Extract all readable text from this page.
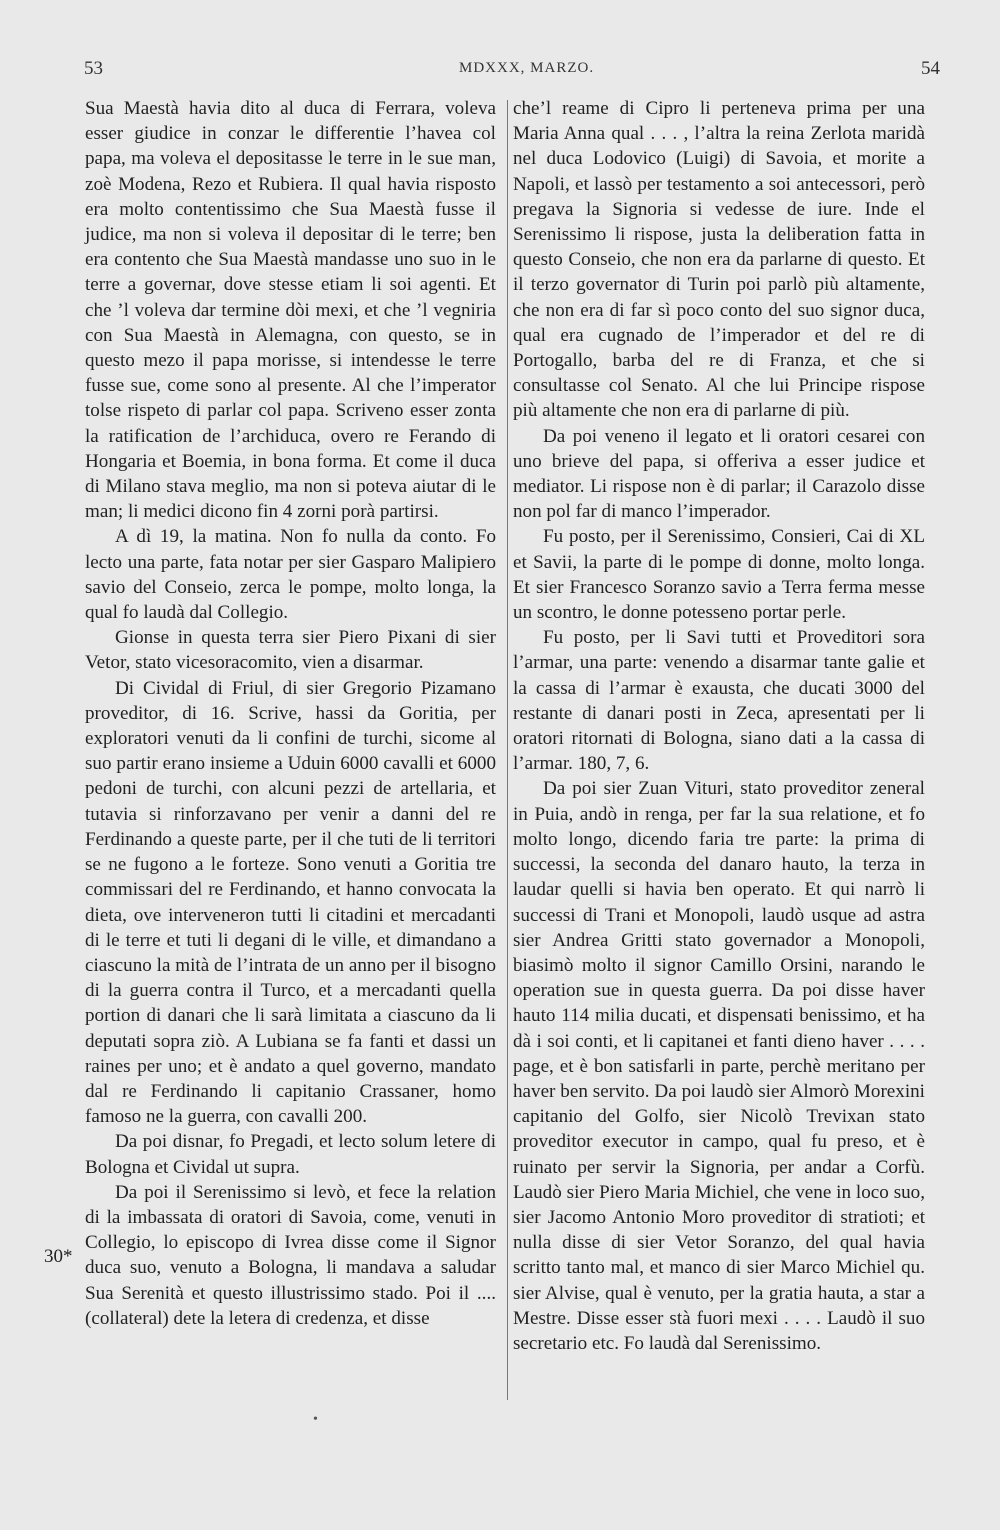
53	MDXXX, MARZO.	54
30*

Sua Maestà havia dito al duca di Ferrara, voleva esser giudice in conzar le differentie l’havea col papa, ma voleva el depositasse le terre in le sue man, zoè Modena, Rezo et Rubiera. Il qual havia risposto era molto contentissimo che Sua Maestà fusse il judice, ma non si voleva il depositar di le terre; ben era contento che Sua Maestà mandasse uno suo in le terre a governar, dove stesse etiam li soi agenti. Et che ’l voleva dar termine dòi mexi, et che ’l vegniria con Sua Maestà in Alemagna, con questo, se in questo mezo il papa morisse, si intendesse le terre fusse sue, come sono al presente. Al che l’imperator tolse rispeto di parlar col papa. Scriveno esser zonta la ratification de l’archiduca, overo re Ferando di Hongaria et Boemia, in bona forma. Et come il duca di Milano stava meglio, ma non si poteva aiutar di le man; li medici dicono fin 4 zorni porà partirsi.

A dì 19, la matina. Non fo nulla da conto. Fo lecto una parte, fata notar per sier Gasparo Malipiero savio del Conseio, zerca le pompe, molto longa, la qual fo laudà dal Collegio.

Gionse in questa terra sier Piero Pixani di sier Vetor, stato vicesoracomito, vien a disarmar.

Di Cividal di Friul, di sier Gregorio Pizamano proveditor, di 16. Scrive, hassi da Goritia, per exploratori venuti da li confini de turchi, sicome al suo partir erano insieme a Uduin 6000 cavalli et 6000 pedoni de turchi, con alcuni pezzi de artellaria, et tutavia si rinforzavano per venir a danni del re Ferdinando a queste parte, per il che tuti de li territori se ne fugono a le forteze. Sono venuti a Goritia tre commissari del re Ferdinando, et hanno convocata la dieta, ove interveneron tutti li citadini et mercadanti di le terre et tuti li degani di le ville, et dimandano a ciascuno la mità de l’intrata de un anno per il bisogno di la guerra contra il Turco, et a mercadanti quella portion di danari che li sarà limitata a ciascuno da li deputati sopra ziò. A Lubiana se fa fanti et dassi un raines per uno; et è andato a quel governo, mandato dal re Ferdinando li capitanio Crassaner, homo famoso ne la guerra, con cavalli 200.

Da poi disnar, fo Pregadi, et lecto solum letere di Bologna et Cividal ut supra.

Da poi il Serenissimo si levò, et fece la relation di la imbassata di oratori di Savoia, come, venuti in Collegio, lo episcopo di Ivrea disse come il Signor duca suo, venuto a Bologna, li mandava a saludar Sua Serenità et questo illustrissimo stado. Poi il .... (collateral) dete la letera di credenza, et disse

che’l reame di Cipro li perteneva prima per una Maria Anna qual . . . , l’altra la reina Zerlota maridà nel duca Lodovico (Luigi) di Savoia, et morite a Napoli, et lassò per testamento a soi antecessori, però pregava la Signoria si vedesse de iure. Inde el Serenissimo li rispose, justa la deliberation fatta in questo Conseio, che non era da parlarne di questo. Et il terzo governator di Turin poi parlò più altamente, che non era di far sì poco conto del suo signor duca, qual era cugnado de l’imperador et del re di Portogallo, barba del re di Franza, et che si consultasse col Senato. Al che lui Principe rispose più altamente che non era di parlarne di più.

Da poi veneno il legato et li oratori cesarei con uno brieve del papa, si offeriva a esser judice et mediator. Li rispose non è di parlar; il Carazolo disse non pol far di manco l’imperador.

Fu posto, per il Serenissimo, Consieri, Cai di XL et Savii, la parte di le pompe di donne, molto longa. Et sier Francesco Soranzo savio a Terra ferma messe un scontro, le donne potesseno portar perle.

Fu posto, per li Savi tutti et Proveditori sora l’armar, una parte: venendo a disarmar tante galie et la cassa di l’armar è exausta, che ducati 3000 del restante di danari posti in Zeca, apresentati per li oratori ritornati di Bologna, siano dati a la cassa di l’armar. 180, 7, 6.

Da poi sier Zuan Vituri, stato proveditor zeneral in Puia, andò in renga, per far la sua relatione, et fo molto longo, dicendo faria tre parte: la prima di successi, la seconda del danaro hauto, la terza in laudar quelli si havia ben operato. Et qui narrò li successi di Trani et Monopoli, laudò usque ad astra sier Andrea Gritti stato governador a Monopoli, biasimò molto il signor Camillo Orsini, narando le operation sue in questa guerra. Da poi disse haver hauto 114 milia ducati, et dispensati benissimo, et ha dà i soi conti, et li capitanei et fanti dieno haver . . . . page, et è bon satisfarli in parte, perchè meritano per haver ben servito. Da poi laudò sier Almorò Morexini capitanio del Golfo, sier Nicolò Trevixan stato proveditor executor in campo, qual fu preso, et è ruinato per servir la Signoria, per andar a Corfù. Laudò sier Piero Maria Michiel, che vene in loco suo, sier Jacomo Antonio Moro proveditor di stratioti; et nulla disse di sier Vetor Soranzo, del qual havia scritto tanto mal, et manco di sier Marco Michiel qu. sier Alvise, qual è venuto, per la gratia hauta, a star a Mestre. Disse esser stà fuori mexi . . . . Laudò il suo secretario etc. Fo laudà dal Serenissimo.

•
